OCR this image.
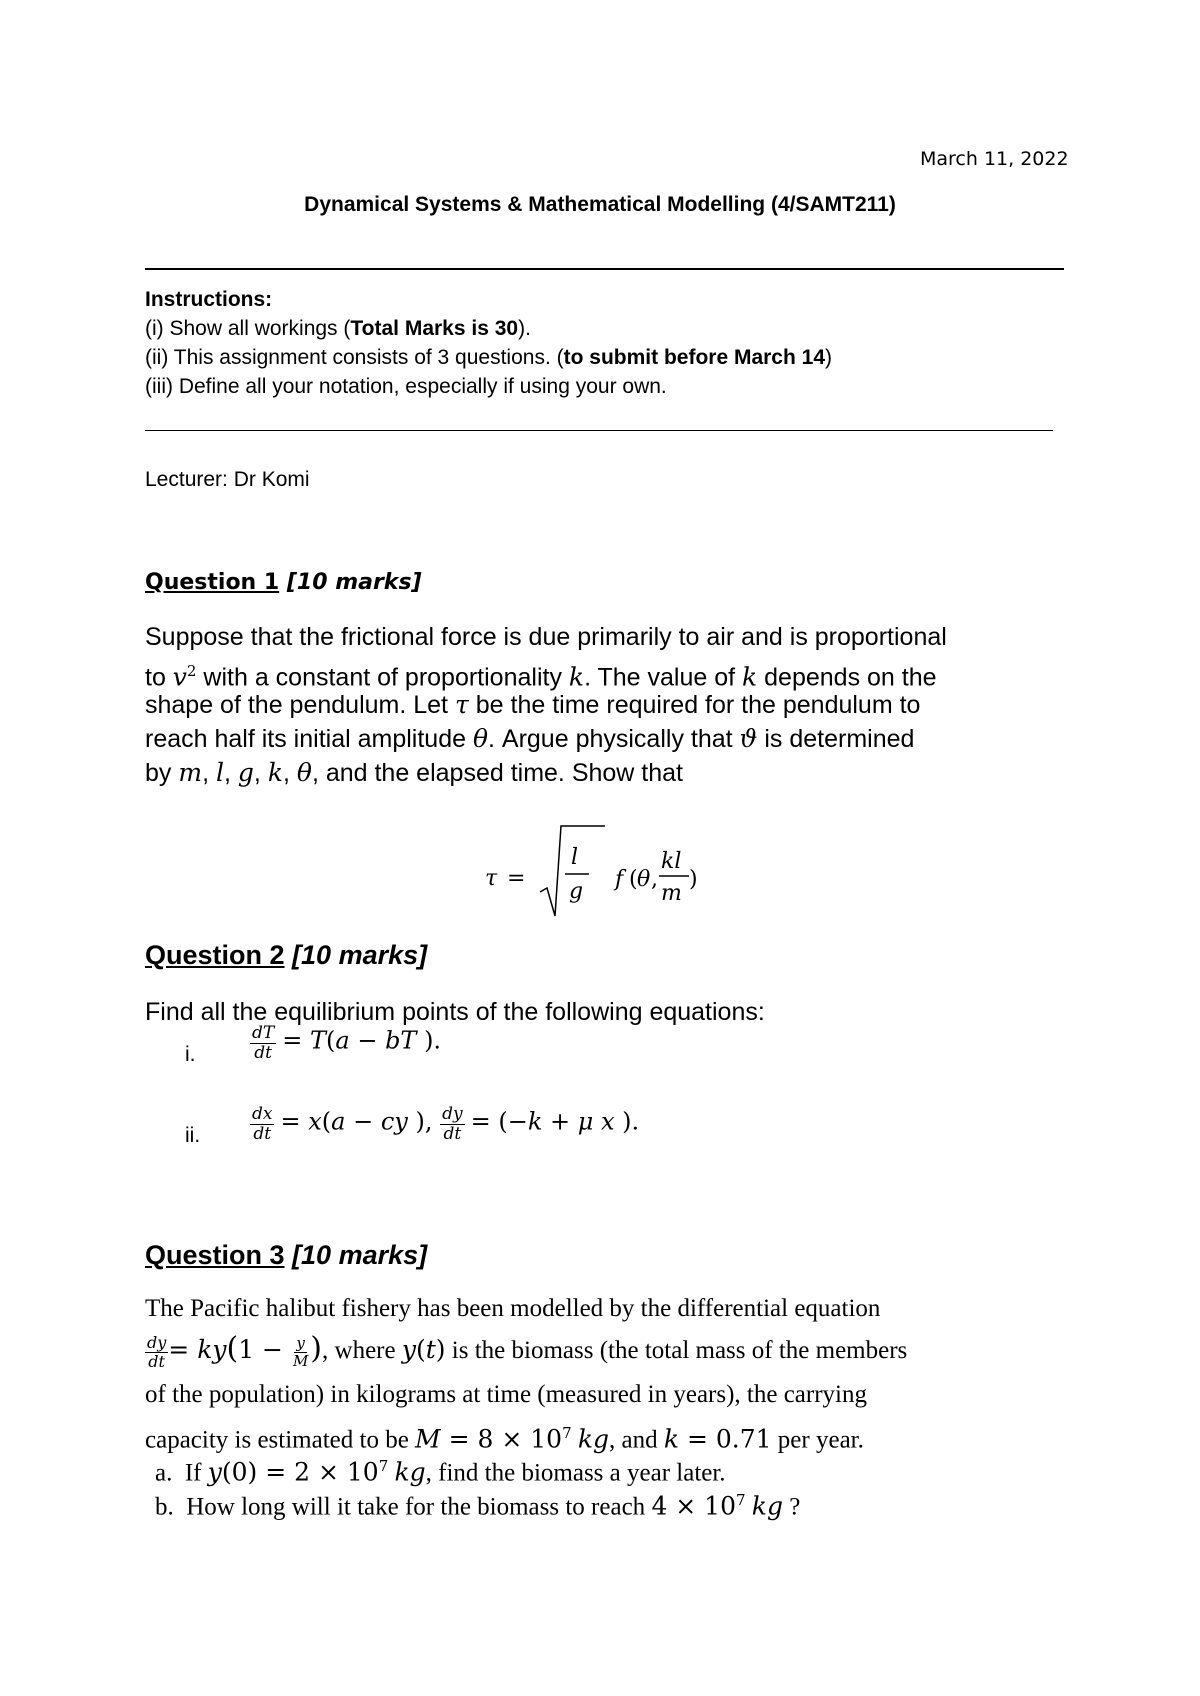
March 11, 2022
Dynamical Systems & Mathematical Modelling (4/SAMT211)
Instructions:
(i) Show all workings (Total Marks is 30).
(ii) This assignment consists of 3 questions. (to submit before March 14)
(iii) Define all your notation, especially if using your own.
Lecturer: Dr Komi
Question 1 [10 marks]
Suppose that the frictional force is due primarily to air and is proportional
to $v^2$ with a constant of proportionality k. The value of k depends on the
shape of the pendulum. Let τ be the time required for the pendulum to
reach half its initial amplitude θ. Argue physically that ϑ is determined
by m, l, g, k, θ, and the elapsed time. Show that
τ =
l
g f ( θ ,
kl
m
)
Question 2 [10 marks]
Find all the equilibrium points of the following equations:
i.	$\frac{dT}{dt} = T(a$ − bT ).
ii.	$\frac{dx}{dt} = x(a$ − cy ), $\frac{dy}{dt} = (-k + \mu$ x ).
Question 3 [10 marks]
The Pacific halibut fishery has been modelled by the differential equation
$\frac{dy}{dt} = ky(1 - \frac{y}{M}$ ), where y(t) is the biomass (the total mass of the members
of the population) in kilograms at time (measured in years), the carrying
capacity is estimated to be $M = 8 \times 10^7$ kg, and k = 0.71 per year.
a. If $y(0) = 2 \times 10^7$ kg, find the biomass a year later.
b. How long will it take for the biomass to reach $4 \times 10^7$ kg ?
